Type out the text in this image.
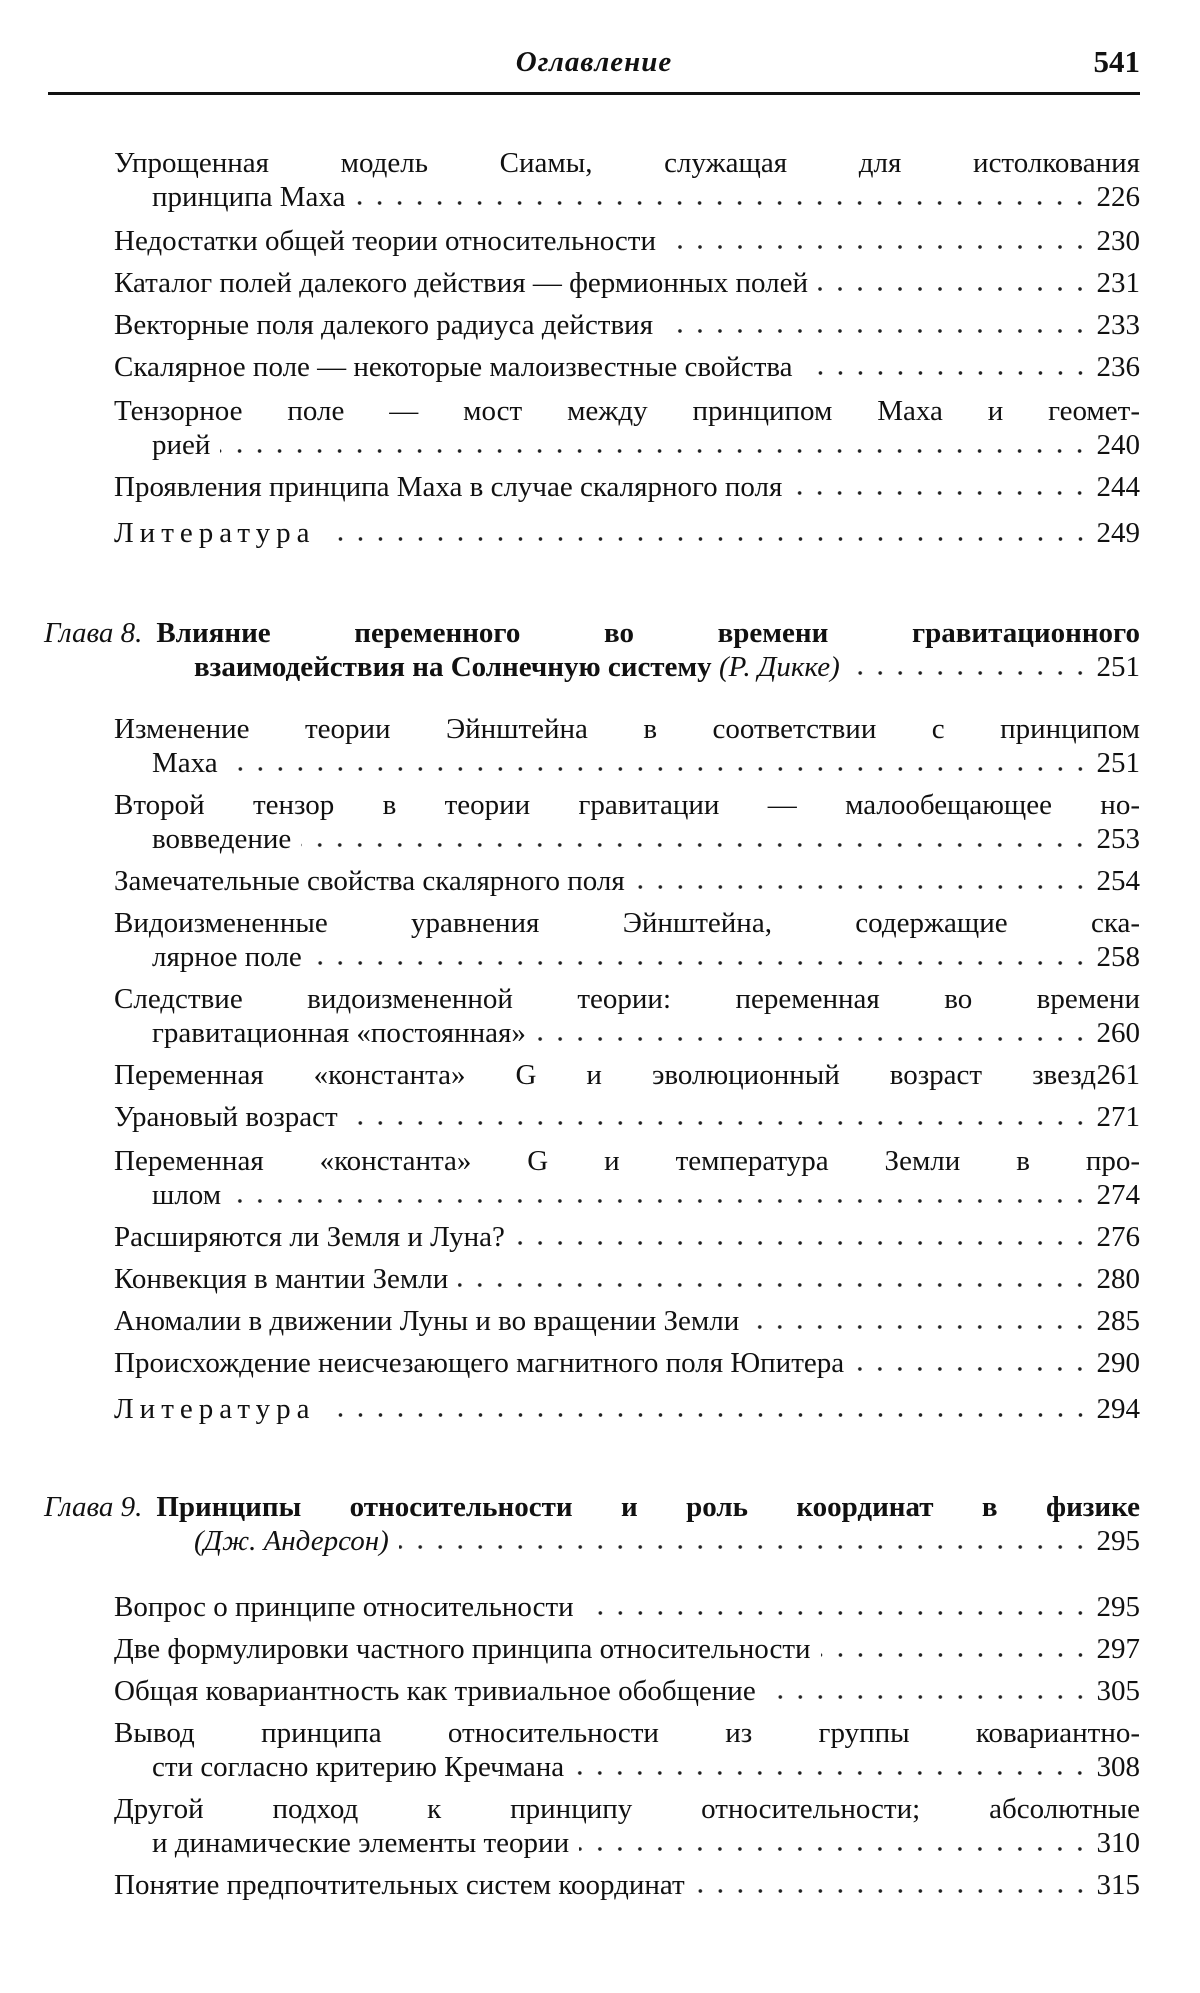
Оглавление	541
Упрощенная модель Сиамы, служащая для истолкования
принципа Маха	226
Недостатки общей теории относительности	230
Каталог полей далекого действия — фермионных полей	231
Векторные поля далекого радиуса действия	233
Скалярное поле — некоторые малоизвестные свойства	236
Тензорное поле — мост между принципом Маха и геомет-
рией	240
Проявления принципа Маха в случае скалярного поля	244
Литература	249
Глава 8. Влияние переменного во времени гравитационного
взаимодействия на Солнечную систему
(Р. Дикке)	251
Изменение теории Эйнштейна в соответствии с принципом
Маха	251
Второй тензор в теории гравитации — малообещающее но-
вовведение	253
Замечательные свойства скалярного поля	254
Видоизмененные уравнения Эйнштейна, содержащие ска-
лярное поле	258
Следствие видоизмененной теории: переменная во времени
гравитационная «постоянная»	260
Переменная «константа» G и эволюционный возраст звезд 261
Урановый возраст	271
Переменная «константа» G и температура Земли в про-
шлом	274
Расширяются ли Земля и Луна?	276
Конвекция в мантии Земли	280
Аномалии в движении Луны и во вращении Земли	285
Происхождение неисчезающего магнитного поля Юпитера	290
Литература	294
Глава 9. Принципы относительности и роль координат в физике
(Дж. Андерсон)	295
Вопрос о принципе относительности	295
Две формулировки частного принципа относительности	297
Общая ковариантность как тривиальное обобщение	305
Вывод принципа относительности из группы ковариантно-
сти согласно критерию Кречмана	308
Другой подход к принципу относительности; абсолютные
и динамические элементы теории	310
Понятие предпочтительных систем координат	315
